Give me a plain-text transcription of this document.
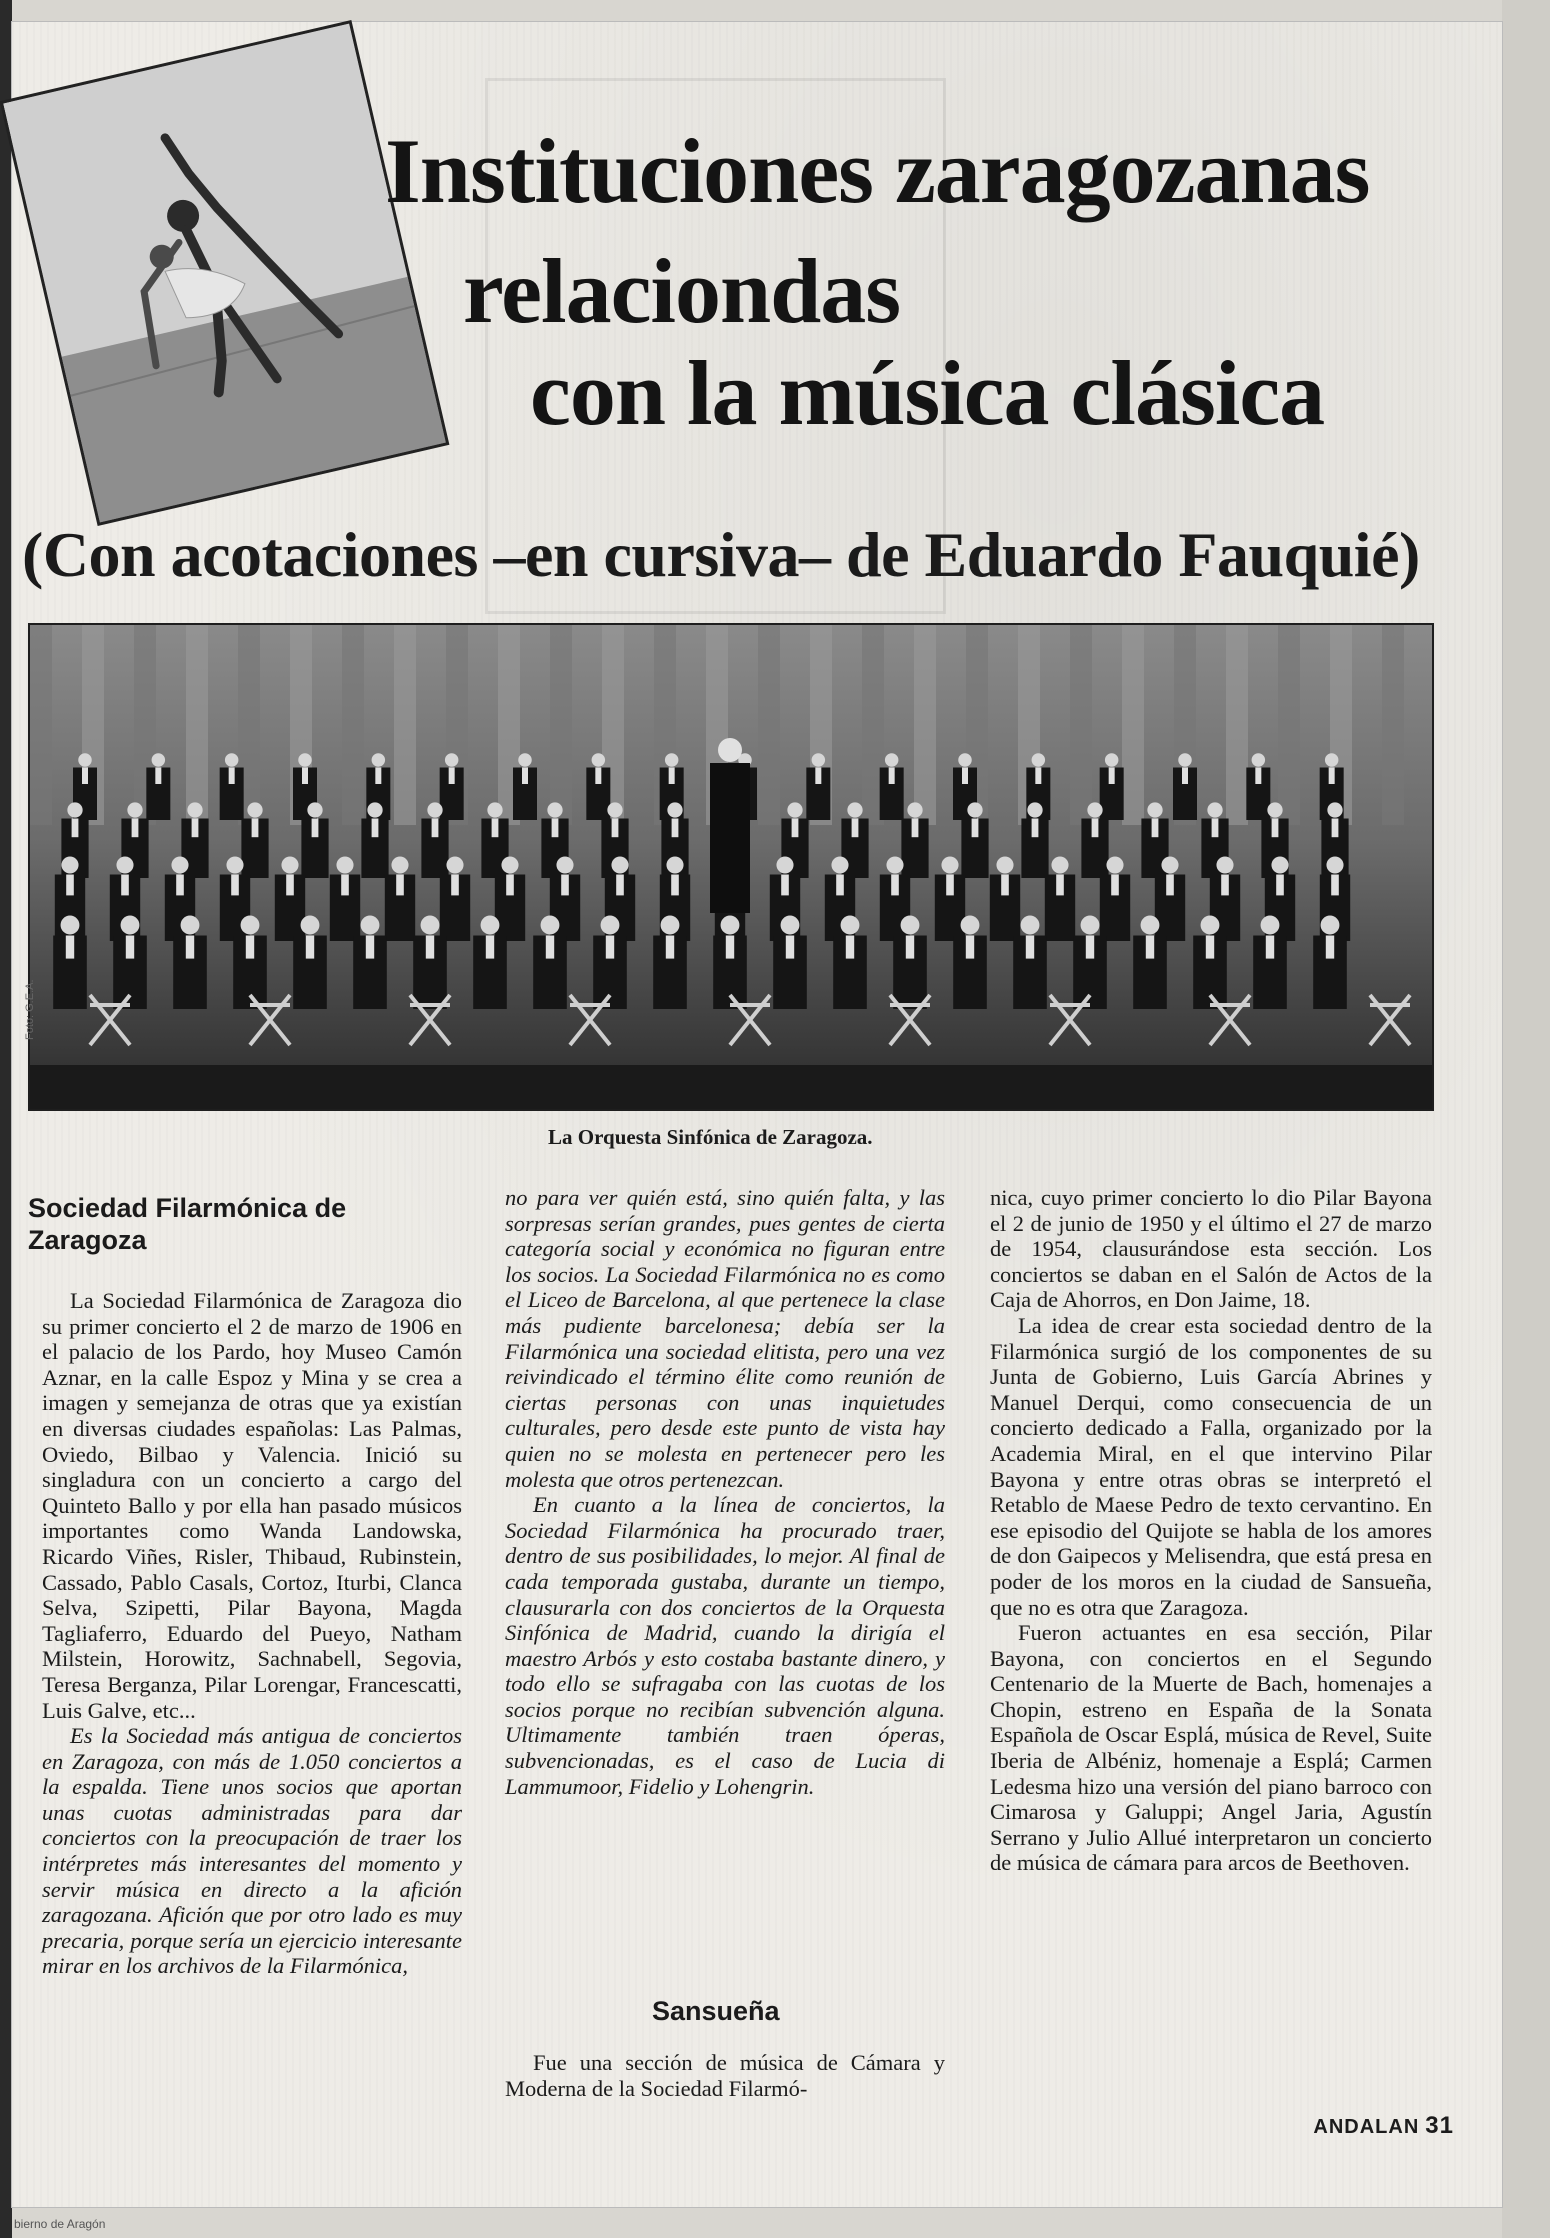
Instituciones zaragozanas
relaciondas
con la música clásica
(Con acotaciones –en cursiva– de Eduardo Fauquié)
Foto: G.E.A.
La Orquesta Sinfónica de Zaragoza.
Sociedad Filarmónica de Zaragoza

La Sociedad Filarmónica de Zaragoza dio su primer concierto el 2 de marzo de 1906 en el palacio de los Pardo, hoy Museo Camón Aznar, en la calle Espoz y Mina y se crea a imagen y semejanza de otras que ya existían en diversas ciudades españolas: Las Palmas, Oviedo, Bilbao y Valencia. Inició su singladura con un concierto a cargo del Quinteto Ballo y por ella han pasado músicos importantes como Wanda Landowska, Ricardo Viñes, Risler, Thibaud, Rubinstein, Cassado, Pablo Casals, Cortoz, Iturbi, Clanca Selva, Szipetti, Pilar Bayona, Magda Tagliaferro, Eduardo del Pueyo, Natham Milstein, Horowitz, Sachnabell, Segovia, Teresa Berganza, Pilar Lorengar, Francescatti, Luis Galve, etc...

Es la Sociedad más antigua de conciertos en Zaragoza, con más de 1.050 conciertos a la espalda. Tiene unos socios que aportan unas cuotas administradas para dar conciertos con la preocupación de traer los intérpretes más interesantes del momento y servir música en directo a la afición zaragozana. Afición que por otro lado es muy precaria, porque sería un ejercicio interesante mirar en los archivos de la Filarmónica,

no para ver quién está, sino quién falta, y las sorpresas serían grandes, pues gentes de cierta categoría social y económica no figuran entre los socios. La Sociedad Filarmónica no es como el Liceo de Barcelona, al que pertenece la clase más pudiente barcelonesa; debía ser la Filarmónica una sociedad elitista, pero una vez reivindicado el término élite como reunión de ciertas personas con unas inquietudes culturales, pero desde este punto de vista hay quien no se molesta en pertenecer pero les molesta que otros pertenezcan.

En cuanto a la línea de conciertos, la Sociedad Filarmónica ha procurado traer, dentro de sus posibilidades, lo mejor. Al final de cada temporada gustaba, durante un tiempo, clausurarla con dos conciertos de la Orquesta Sinfónica de Madrid, cuando la dirigía el maestro Arbós y esto costaba bastante dinero, y todo ello se sufragaba con las cuotas de los socios porque no recibían subvención alguna. Ultimamente también traen óperas, subvencionadas, es el caso de Lucia di Lammumoor, Fidelio y Lohengrin.

Sansueña

Fue una sección de música de Cámara y Moderna de la Sociedad Filarmó-

nica, cuyo primer concierto lo dio Pilar Bayona el 2 de junio de 1950 y el último el 27 de marzo de 1954, clausurándose esta sección. Los conciertos se daban en el Salón de Actos de la Caja de Ahorros, en Don Jaime, 18.

La idea de crear esta sociedad dentro de la Filarmónica surgió de los componentes de su Junta de Gobierno, Luis García Abrines y Manuel Derqui, como consecuencia de un concierto dedicado a Falla, organizado por la Academia Miral, en el que intervino Pilar Bayona y entre otras obras se interpretó el Retablo de Maese Pedro de texto cervantino. En ese episodio del Quijote se habla de los amores de don Gaipecos y Melisendra, que está presa en poder de los moros en la ciudad de Sansueña, que no es otra que Zaragoza.

Fueron actuantes en esa sección, Pilar Bayona, con conciertos en el Segundo Centenario de la Muerte de Bach, homenajes a Chopin, estreno en España de la Sonata Española de Oscar Esplá, música de Revel, Suite Iberia de Albéniz, homenaje a Esplá; Carmen Ledesma hizo una versión del piano barroco con Cimarosa y Galuppi; Angel Jaria, Agustín Serrano y Julio Allué interpretaron un concierto de música de cámara para arcos de Beethoven.

ANDALAN 31
bierno de Aragón
